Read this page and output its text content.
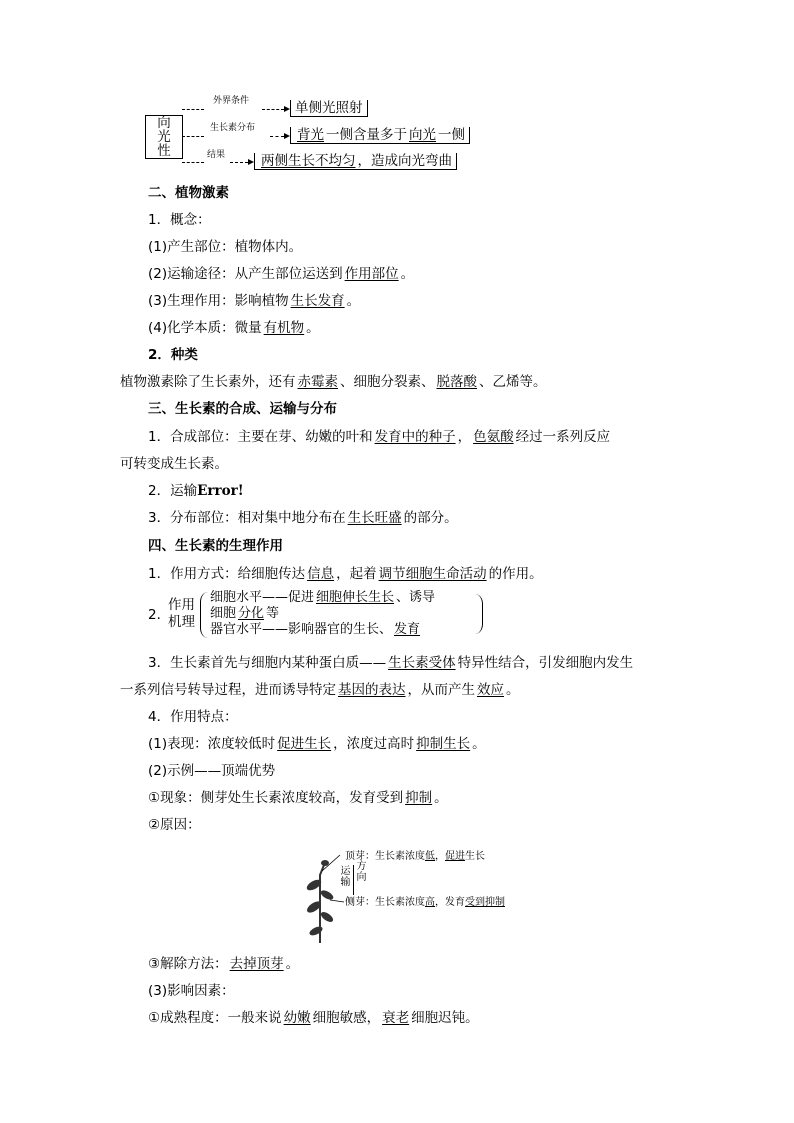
向
光
性
外界条件	单侧光照射
生长素分布	背光 一侧含量多于 向光 一侧
结果	两侧生长不均匀 ，造成向光弯曲
二、植物激素
1．概念：
(1)产生部位：植物体内。
(2)运输途径：从产生部位运送到 作用部位 。
(3)生理作用：影响植物 生长发育 。
(4)化学本质：微量 有机物 。
2．种类
植物激素除了生长素外，还有 赤霉素 、细胞分裂素、 脱落酸 、乙烯等。
三、生长素的合成、运输与分布
1．合成部位：主要在芽、幼嫩的叶和 发育中的种子 ， 色氨酸 经过一系列反应
可转变成生长素。
2．运输Error!
3．分布部位：相对集中地分布在 生长旺盛 的部分。
四、生长素的生理作用
1．作用方式：给细胞传达 信息 ，起着 调节细胞生命活动 的作用。
2．
作用
机理
细胞水平——促进 细胞伸长生长 、诱导
细胞 分化 等
器官水平——影响器官的生长、 发育
3．生长素首先与细胞内某种蛋白质—— 生长素受体 特异性结合，引发细胞内发生
一系列信号转导过程，进而诱导特定 基因的表达 ，从而产生 效应 。
4．作用特点：
(1)表现：浓度较低时 促进生长 ，浓度过高时 抑制生长 。
(2)示例——顶端优势
①现象：侧芽处生长素浓度较高，发育受到 抑制 。
②原因：
顶芽：生长素浓度低，促进生长
运
输
方
向
侧芽：生长素浓度高，发育受到抑制
③解除方法： 去掉顶芽 。
(3)影响因素：
①成熟程度：一般来说 幼嫩 细胞敏感， 衰老 细胞迟钝。
